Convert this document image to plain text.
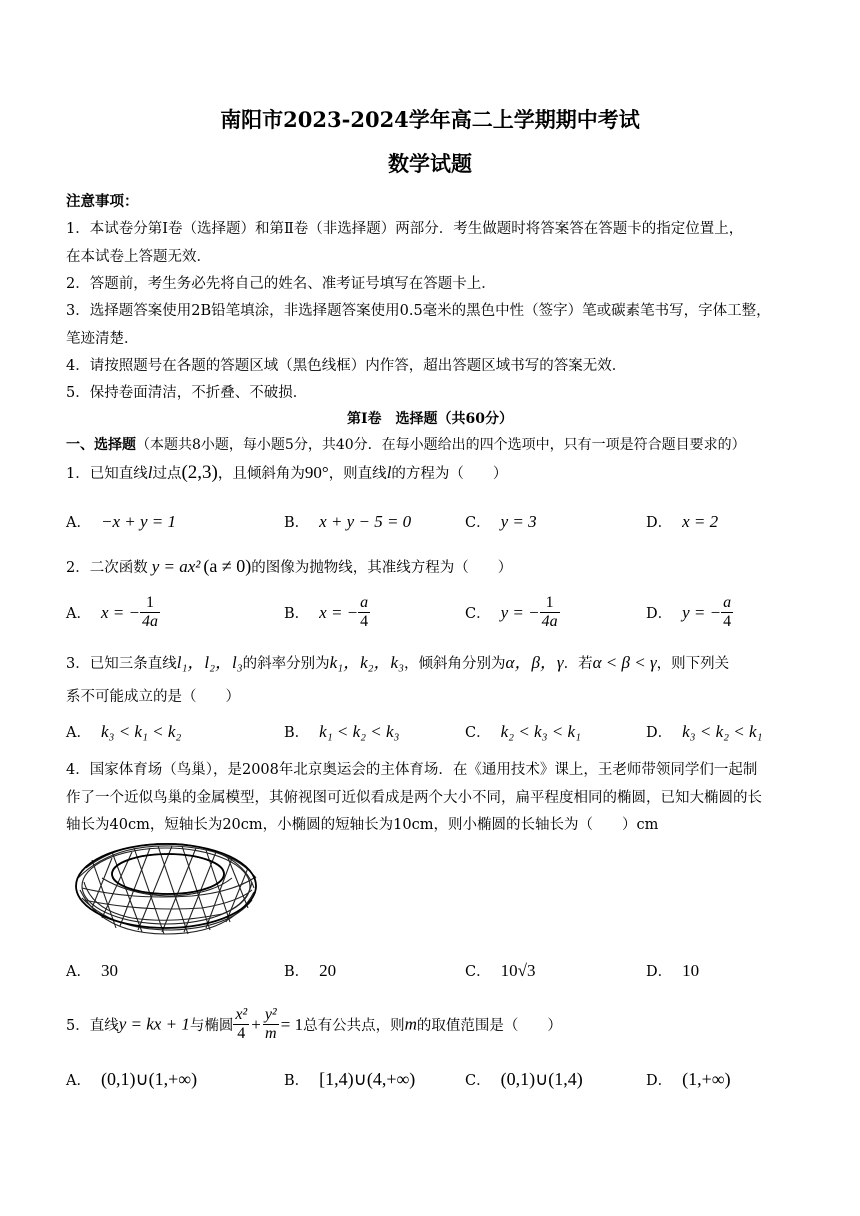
南阳市2023-2024学年高二上学期期中考试
数学试题
注意事项：
1．本试卷分第Ⅰ卷（选择题）和第Ⅱ卷（非选择题）两部分．考生做题时将答案答在答题卡的指定位置上，
在本试卷上答题无效．
2．答题前，考生务必先将自己的姓名、准考证号填写在答题卡上．
3．选择题答案使用2B铅笔填涂，非选择题答案使用0.5毫米的黑色中性（签字）笔或碳素笔书写，字体工整，
笔迹清楚．
4．请按照题号在各题的答题区域（黑色线框）内作答，超出答题区域书写的答案无效．
5．保持卷面清洁，不折叠、不破损．
第Ⅰ卷　选择题（共60分）
一、选择题（本题共8小题，每小题5分，共40分．在每小题给出的四个选项中，只有一项是符合题目要求的）
1．已知直线l过点(2,3)，且倾斜角为90°，则直线l的方程为（　　）
A． −x + y = 1	B． x + y − 5 = 0	C． y = 3	D． x = 2
2．二次函数 y = ax² (a ≠ 0)的图像为抛物线，其准线方程为（　　）
A． x = − $\frac{1}{4a}$	B． x = − $\frac{a}{4}$	C． y = − $\frac{1}{4a}$	D． y = − $\frac{a}{4}$
3．已知三条直线l₁，l₂，l₃的斜率分别为k₁，k₂，k₃，倾斜角分别为α，β，γ．若α < β < γ，则下列关
系不可能成立的是（　　）
A． k₃ < k₁ < k₂	B． k₁ < k₂ < k₃	C． k₂ < k₃ < k₁	D． k₃ < k₂ < k₁
4．国家体育场（鸟巢），是2008年北京奥运会的主体育场．在《通用技术》课上，王老师带领同学们一起制
作了一个近似鸟巢的金属模型，其俯视图可近似看成是两个大小不同，扁平程度相同的椭圆，已知大椭圆的长
轴长为40cm，短轴长为20cm，小椭圆的短轴长为10cm，则小椭圆的长轴长为（　　）cm
A． 30	B． 20	C． 10√3	D． 10
5．直线y = kx + 1与椭圆 $\frac{\text{x²}}{4} + \frac{\text{y²}}{m} = 1$总有公共点，则m的取值范围是（　　）
A． (0,1)∪(1,+∞)	B． [1,4)∪(4,+∞)	C． (0,1)∪(1,4)	D． (1,+∞)
